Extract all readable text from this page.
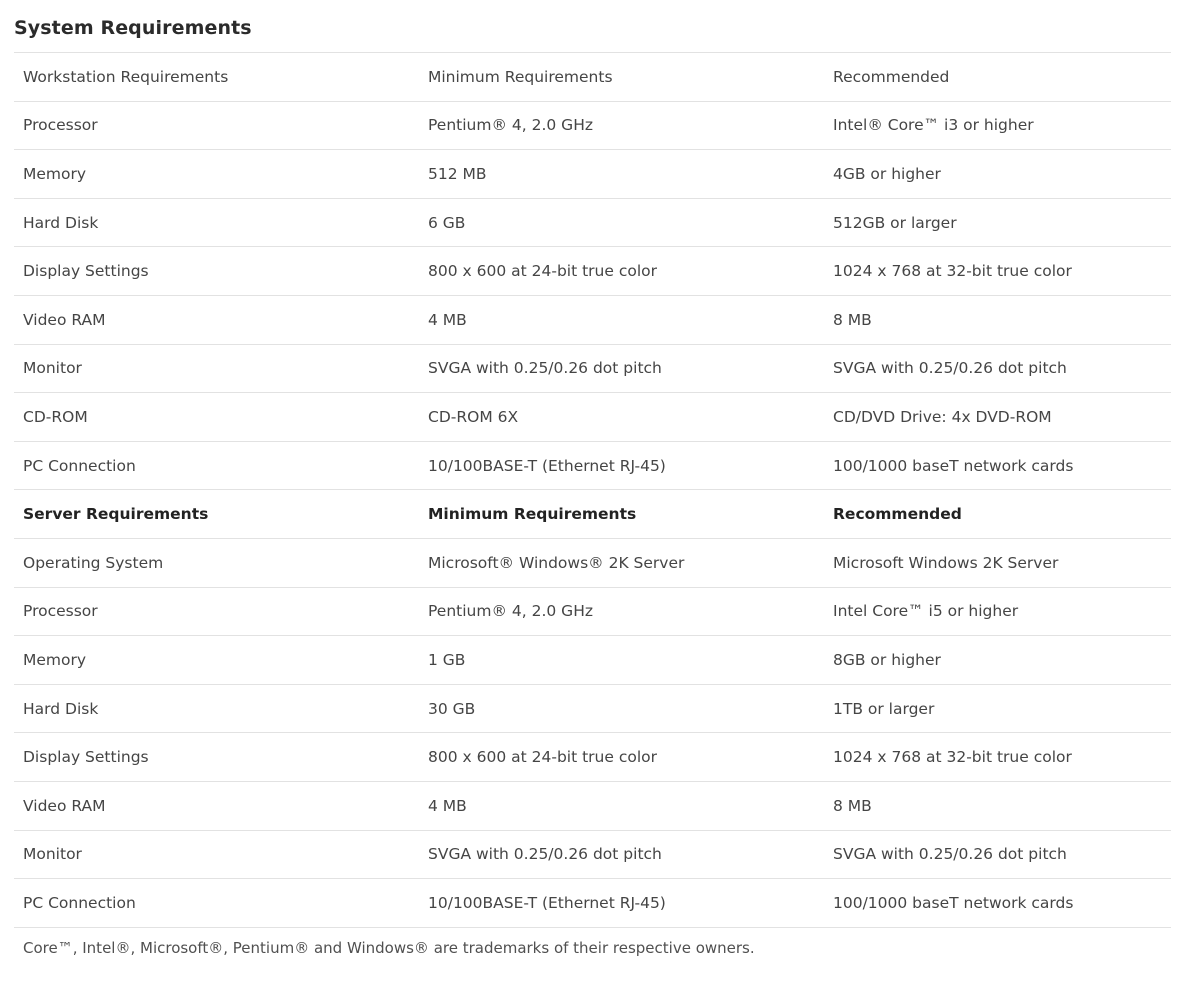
System Requirements
Workstation Requirements	Minimum Requirements	Recommended
Processor	Pentium® 4, 2.0 GHz	Intel® Core™ i3 or higher
Memory	512 MB	4GB or higher
Hard Disk	6 GB	512GB or larger
Display Settings	800 x 600 at 24-bit true color	1024 x 768 at 32-bit true color
Video RAM	4 MB	8 MB
Monitor	SVGA with 0.25/0.26 dot pitch	SVGA with 0.25/0.26 dot pitch
CD-ROM	CD-ROM 6X	CD/DVD Drive: 4x DVD-ROM
PC Connection	10/100BASE-T (Ethernet RJ-45)	100/1000 baseT network cards
Server Requirements	Minimum Requirements	Recommended
Operating System	Microsoft® Windows® 2K Server	Microsoft Windows 2K Server
Processor	Pentium® 4, 2.0 GHz	Intel Core™ i5 or higher
Memory	1 GB	8GB or higher
Hard Disk	30 GB	1TB or larger
Display Settings	800 x 600 at 24-bit true color	1024 x 768 at 32-bit true color
Video RAM	4 MB	8 MB
Monitor	SVGA with 0.25/0.26 dot pitch	SVGA with 0.25/0.26 dot pitch
PC Connection	10/100BASE-T (Ethernet RJ-45)	100/1000 baseT network cards

Core™, Intel®, Microsoft®, Pentium® and Windows® are trademarks of their respective owners.
